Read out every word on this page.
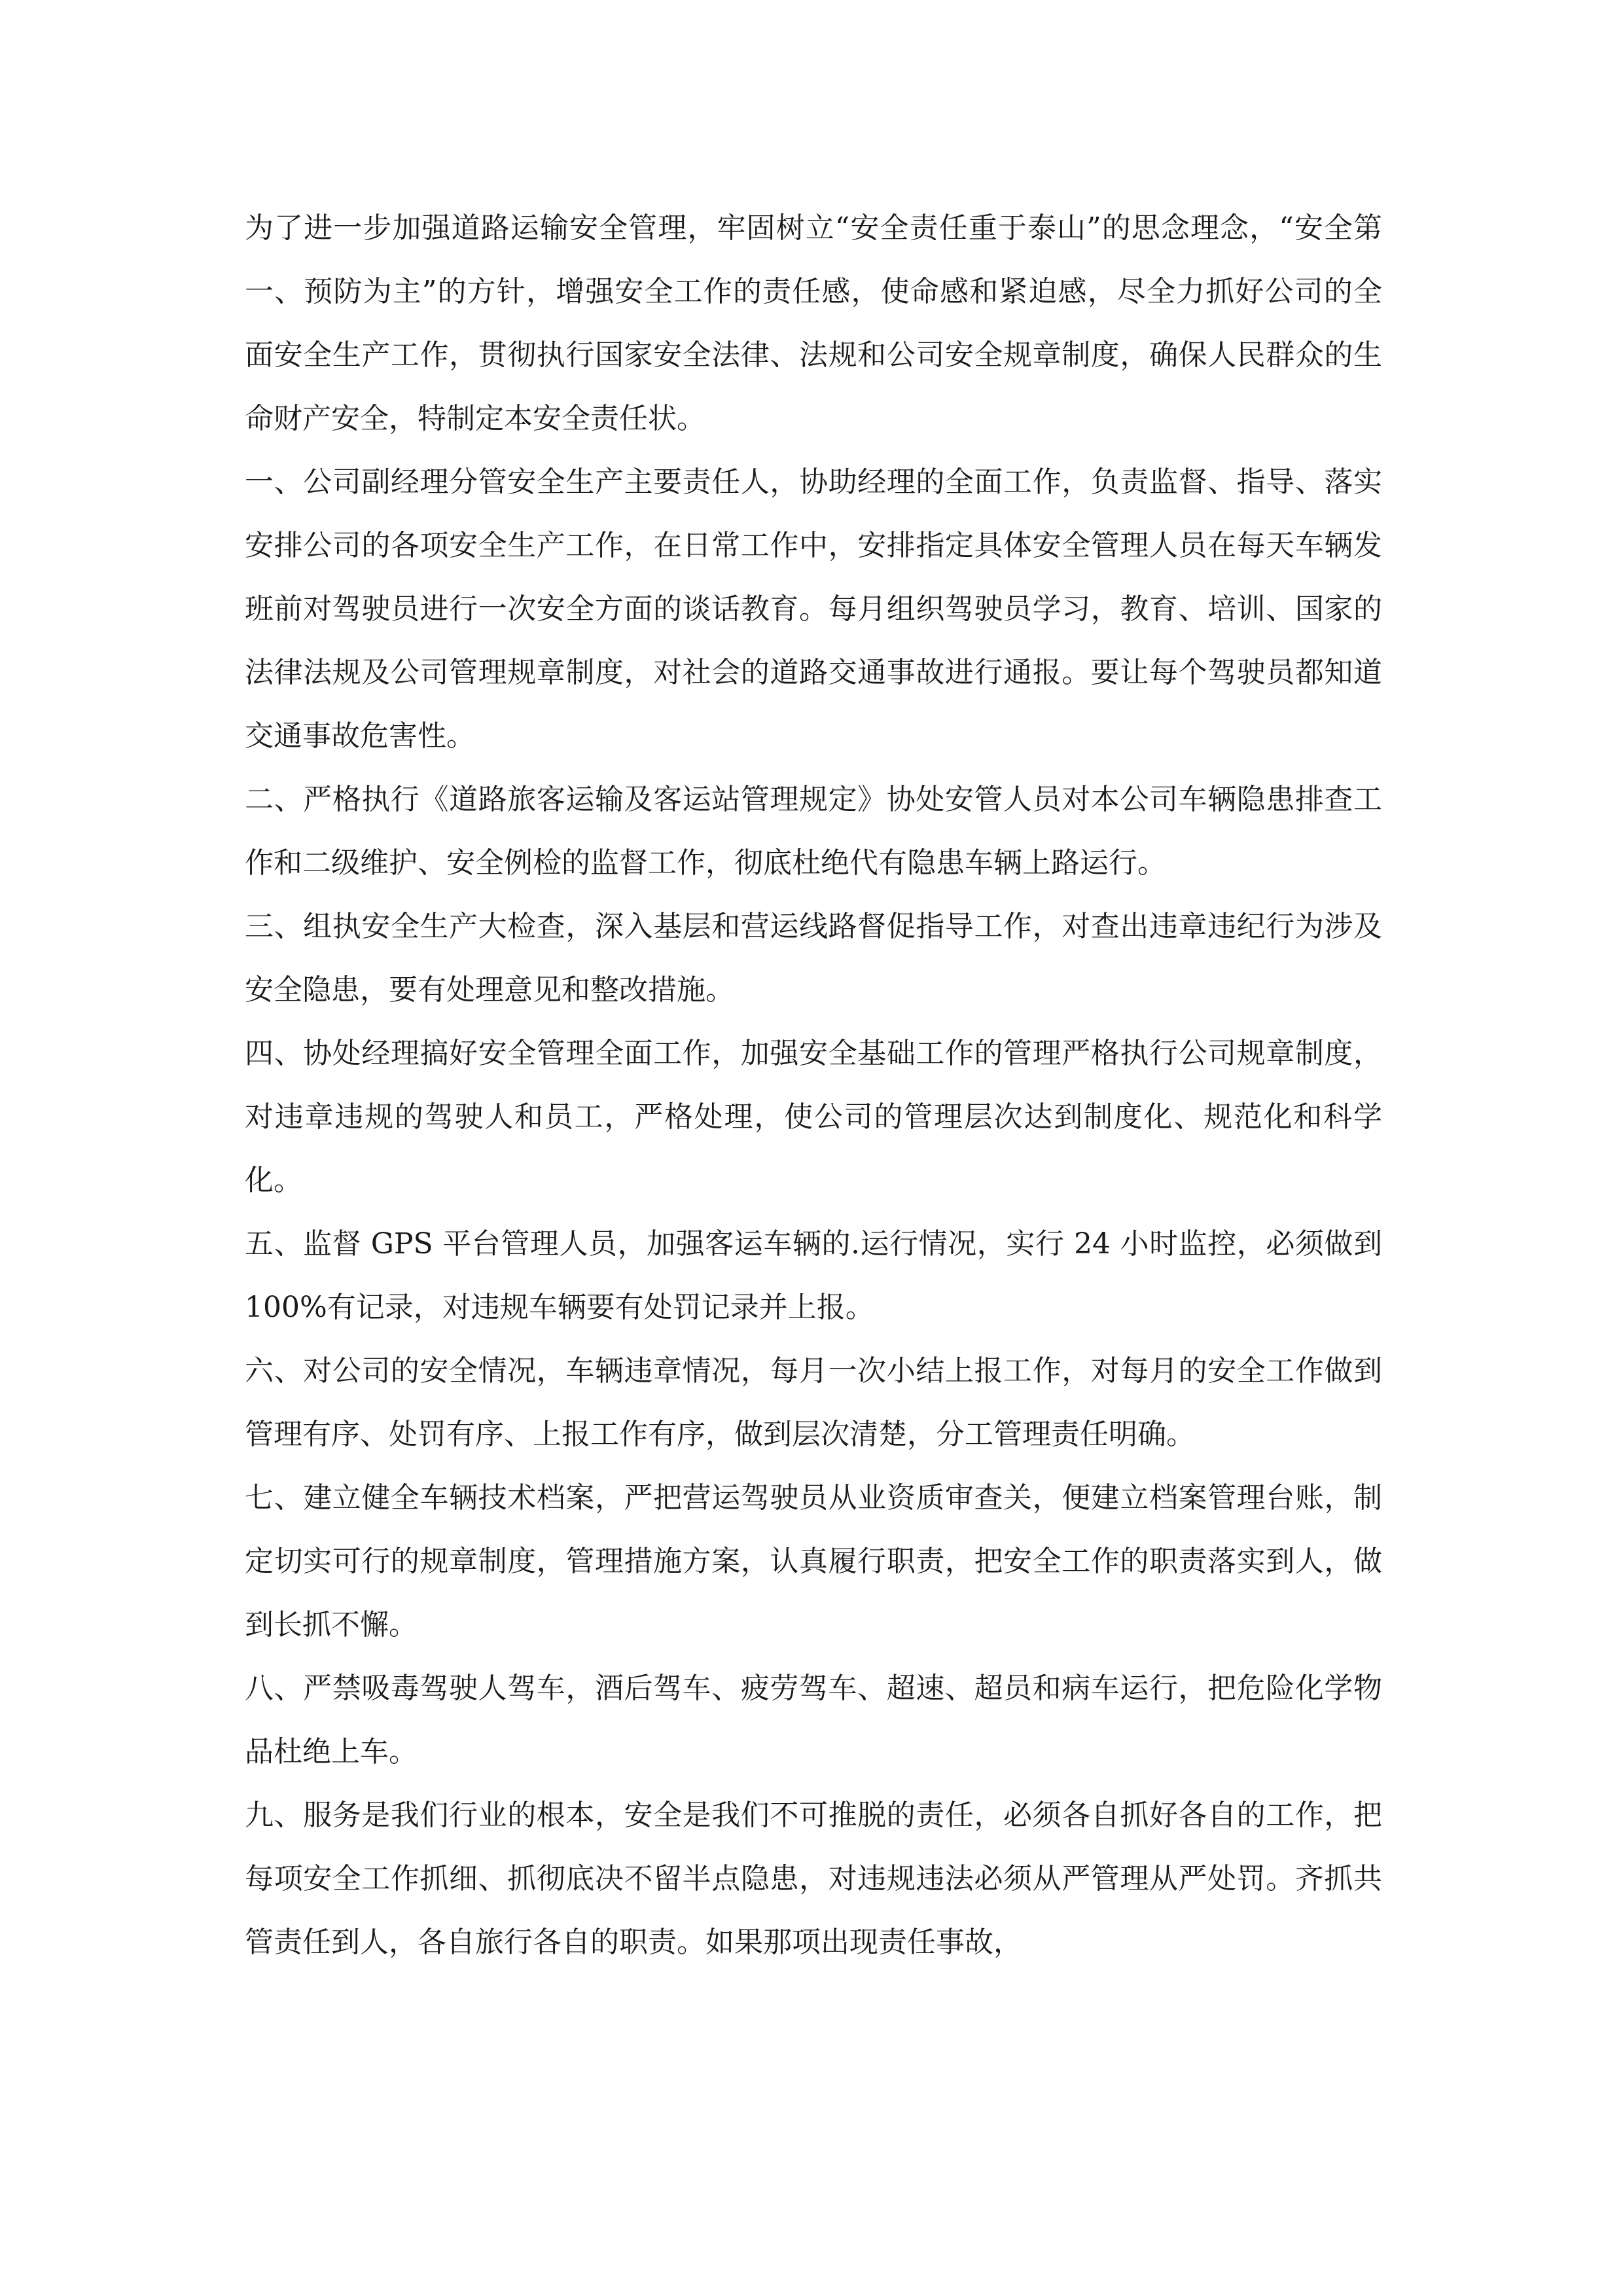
为了进一步加强道路运输安全管理，牢固树立“安全责任重于泰山”的思念理念，“安全第一、预防为主”的方针，增强安全工作的责任感，使命感和紧迫感，尽全力抓好公司的全面安全生产工作，贯彻执行国家安全法律、法规和公司安全规章制度，确保人民群众的生命财产安全，特制定本安全责任状。

一、公司副经理分管安全生产主要责任人，协助经理的全面工作，负责监督、指导、落实安排公司的各项安全生产工作，在日常工作中，安排指定具体安全管理人员在每天车辆发班前对驾驶员进行一次安全方面的谈话教育。每月组织驾驶员学习，教育、培训、国家的法律法规及公司管理规章制度，对社会的道路交通事故进行通报。要让每个驾驶员都知道交通事故危害性。

二、严格执行《道路旅客运输及客运站管理规定》协处安管人员对本公司车辆隐患排查工作和二级维护、安全例检的监督工作，彻底杜绝代有隐患车辆上路运行。

三、组执安全生产大检查，深入基层和营运线路督促指导工作，对查出违章违纪行为涉及安全隐患，要有处理意见和整改措施。

四、协处经理搞好安全管理全面工作，加强安全基础工作的管理严格执行公司规章制度，对违章违规的驾驶人和员工，严格处理，使公司的管理层次达到制度化、规范化和科学化。

五、监督 GPS 平台管理人员，加强客运车辆的.运行情况，实行 24 小时监控，必须做到 100%有记录，对违规车辆要有处罚记录并上报。

六、对公司的安全情况，车辆违章情况，每月一次小结上报工作，对每月的安全工作做到管理有序、处罚有序、上报工作有序，做到层次清楚，分工管理责任明确。

七、建立健全车辆技术档案，严把营运驾驶员从业资质审查关，便建立档案管理台账，制定切实可行的规章制度，管理措施方案，认真履行职责，把安全工作的职责落实到人，做到长抓不懈。

八、严禁吸毒驾驶人驾车，酒后驾车、疲劳驾车、超速、超员和病车运行，把危险化学物品杜绝上车。

九、服务是我们行业的根本，安全是我们不可推脱的责任，必须各自抓好各自的工作，把每项安全工作抓细、抓彻底决不留半点隐患，对违规违法必须从严管理从严处罚。齐抓共管责任到人，各自旅行各自的职责。如果那项出现责任事故，
